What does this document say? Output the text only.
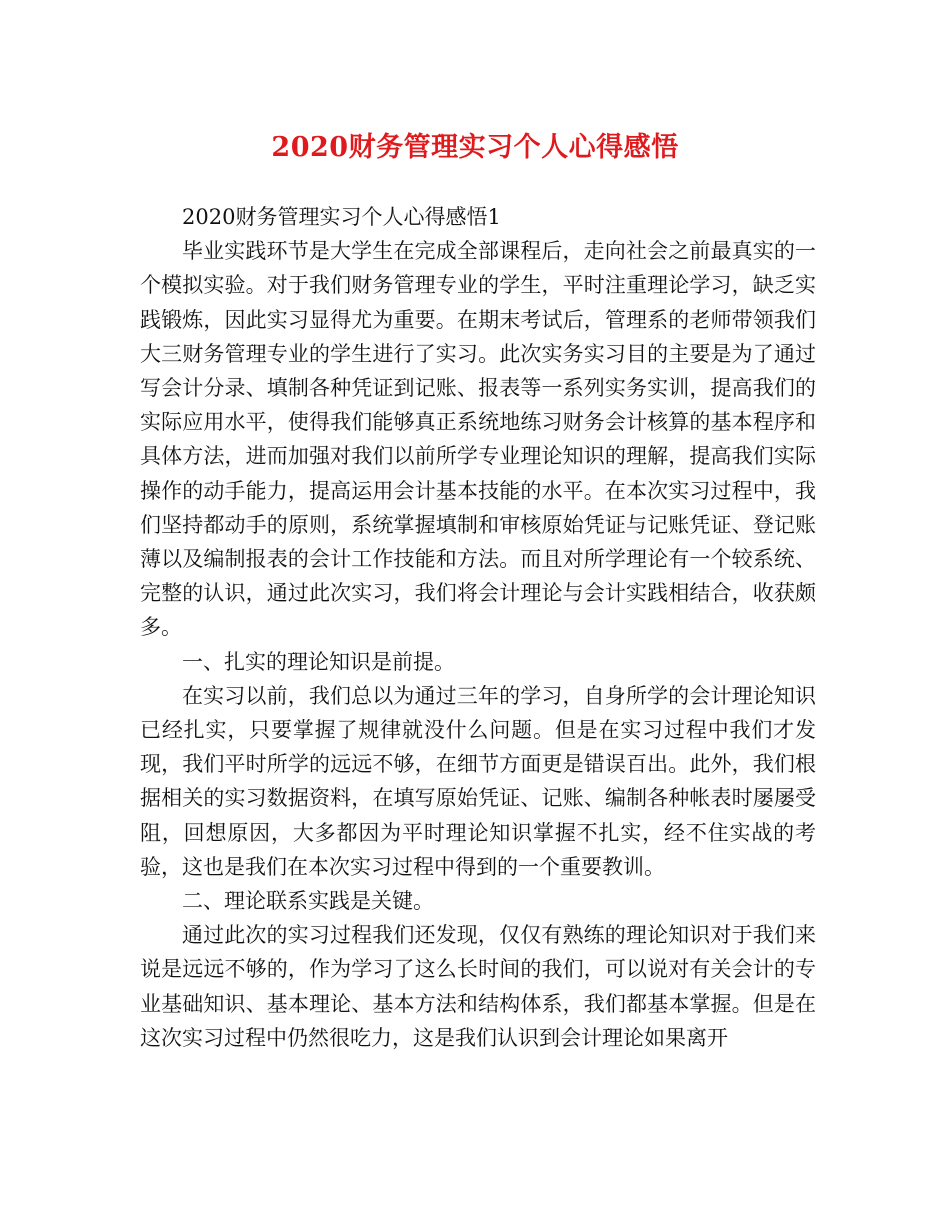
2020财务管理实习个人心得感悟

2020财务管理实习个人心得感悟1

毕业实践环节是大学生在完成全部课程后，走向社会之前最真实的一个模拟实验。对于我们财务管理专业的学生，平时注重理论学习，缺乏实践锻炼，因此实习显得尤为重要。在期末考试后，管理系的老师带领我们大三财务管理专业的学生进行了实习。此次实务实习目的主要是为了通过写会计分录、填制各种凭证到记账、报表等一系列实务实训，提高我们的实际应用水平，使得我们能够真正系统地练习财务会计核算的基本程序和具体方法，进而加强对我们以前所学专业理论知识的理解，提高我们实际操作的动手能力，提高运用会计基本技能的水平。在本次实习过程中，我们坚持都动手的原则，系统掌握填制和审核原始凭证与记账凭证、登记账薄以及编制报表的会计工作技能和方法。而且对所学理论有一个较系统、完整的认识，通过此次实习，我们将会计理论与会计实践相结合，收获颇多。

一、扎实的理论知识是前提。

在实习以前，我们总以为通过三年的学习，自身所学的会计理论知识已经扎实，只要掌握了规律就没什么问题。但是在实习过程中我们才发现，我们平时所学的远远不够，在细节方面更是错误百出。此外，我们根据相关的实习数据资料，在填写原始凭证、记账、编制各种帐表时屡屡受阻，回想原因，大多都因为平时理论知识掌握不扎实，经不住实战的考验，这也是我们在本次实习过程中得到的一个重要教训。

二、理论联系实践是关键。

通过此次的实习过程我们还发现，仅仅有熟练的理论知识对于我们来说是远远不够的，作为学习了这么长时间的我们，可以说对有关会计的专业基础知识、基本理论、基本方法和结构体系，我们都基本掌握。但是在这次实习过程中仍然很吃力，这是我们认识到会计理论如果离开
